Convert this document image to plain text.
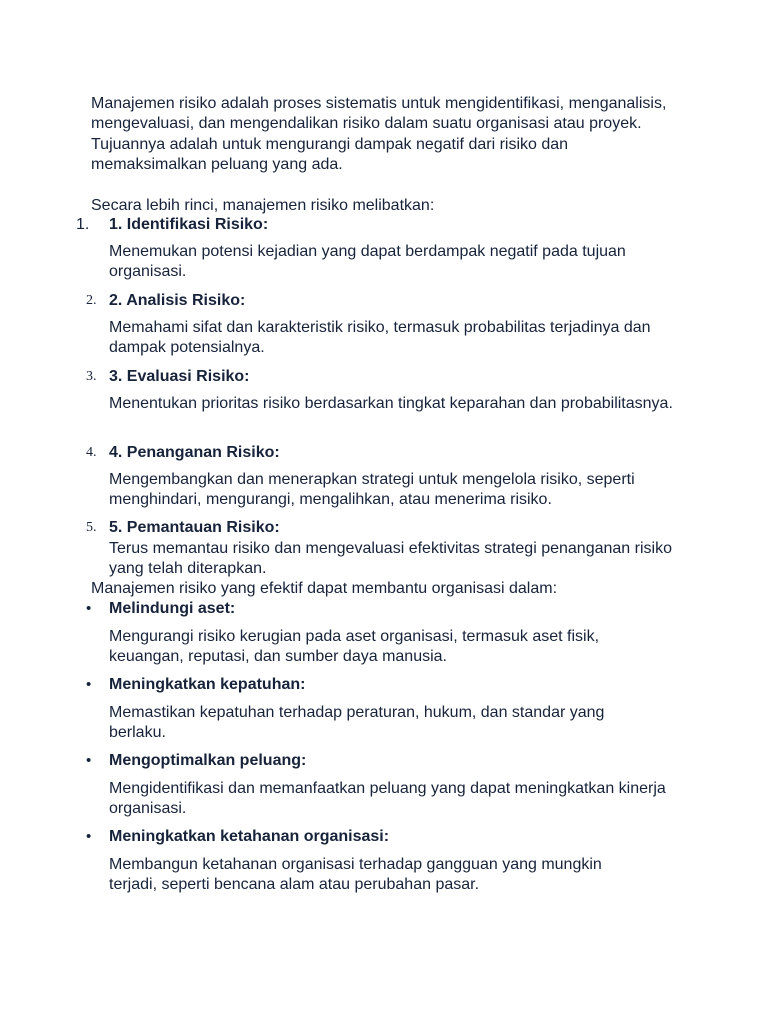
Manajemen risiko adalah proses sistematis untuk mengidentifikasi, menganalisis, mengevaluasi, dan mengendalikan risiko dalam suatu organisasi atau proyek. Tujuannya adalah untuk mengurangi dampak negatif dari risiko dan memaksimalkan peluang yang ada.

Secara lebih rinci, manajemen risiko melibatkan:

1.	1. Identifikasi Risiko:
Menemukan potensi kejadian yang dapat berdampak negatif pada tujuan organisasi.
2. 2. Analisis Risiko:
Memahami sifat dan karakteristik risiko, termasuk probabilitas terjadinya dan dampak potensialnya.
3. 3. Evaluasi Risiko:
Menentukan prioritas risiko berdasarkan tingkat keparahan dan probabilitasnya.
4. 4. Penanganan Risiko:
Mengembangkan dan menerapkan strategi untuk mengelola risiko, seperti menghindari, mengurangi, mengalihkan, atau menerima risiko.
5. 5. Pemantauan Risiko:
Terus memantau risiko dan mengevaluasi efektivitas strategi penanganan risiko yang telah diterapkan.

Manajemen risiko yang efektif dapat membantu organisasi dalam:

•	Melindungi aset:
Mengurangi risiko kerugian pada aset organisasi, termasuk aset fisik, keuangan, reputasi, dan sumber daya manusia.
•	Meningkatkan kepatuhan:
Memastikan kepatuhan terhadap peraturan, hukum, dan standar yang berlaku.
•	Mengoptimalkan peluang:
Mengidentifikasi dan memanfaatkan peluang yang dapat meningkatkan kinerja organisasi.
•	Meningkatkan ketahanan organisasi:
Membangun ketahanan organisasi terhadap gangguan yang mungkin terjadi, seperti bencana alam atau perubahan pasar.
